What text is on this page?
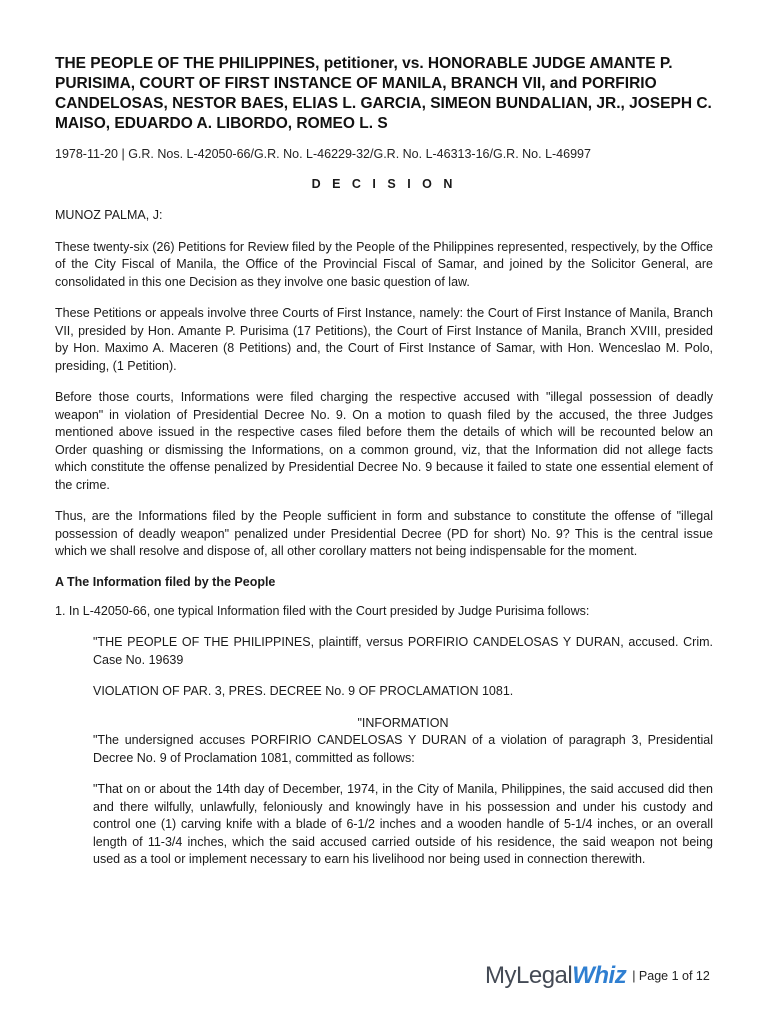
THE PEOPLE OF THE PHILIPPINES, petitioner, vs. HONORABLE JUDGE AMANTE P. PURISIMA, COURT OF FIRST INSTANCE OF MANILA, BRANCH VII, and PORFIRIO CANDELOSAS, NESTOR BAES, ELIAS L. GARCIA, SIMEON BUNDALIAN, JR., JOSEPH C. MAISO, EDUARDO A. LIBORDO, ROMEO L. S
1978-11-20 | G.R. Nos. L-42050-66/G.R. No. L-46229-32/G.R. No. L-46313-16/G.R. No. L-46997
D E C I S I O N
MUNOZ PALMA, J:
These twenty-six (26) Petitions for Review filed by the People of the Philippines represented, respectively, by the Office of the City Fiscal of Manila, the Office of the Provincial Fiscal of Samar, and joined by the Solicitor General, are consolidated in this one Decision as they involve one basic question of law.
These Petitions or appeals involve three Courts of First Instance, namely: the Court of First Instance of Manila, Branch VII, presided by Hon. Amante P. Purisima (17 Petitions), the Court of First Instance of Manila, Branch XVIII, presided by Hon. Maximo A. Maceren (8 Petitions) and, the Court of First Instance of Samar, with Hon. Wenceslao M. Polo, presiding, (1 Petition).
Before those courts, Informations were filed charging the respective accused with "illegal possession of deadly weapon" in violation of Presidential Decree No. 9. On a motion to quash filed by the accused, the three Judges mentioned above issued in the respective cases filed before them the details of which will be recounted below an Order quashing or dismissing the Informations, on a common ground, viz, that the Information did not allege facts which constitute the offense penalized by Presidential Decree No. 9 because it failed to state one essential element of the crime.
Thus, are the Informations filed by the People sufficient in form and substance to constitute the offense of "illegal possession of deadly weapon" penalized under Presidential Decree (PD for short) No. 9? This is the central issue which we shall resolve and dispose of, all other corollary matters not being indispensable for the moment.
A The Information filed by the People
1. In L-42050-66, one typical Information filed with the Court presided by Judge Purisima follows:
"THE PEOPLE OF THE PHILIPPINES, plaintiff, versus PORFIRIO CANDELOSAS Y DURAN, accused. Crim. Case No. 19639
VIOLATION OF PAR. 3, PRES. DECREE No. 9 OF PROCLAMATION 1081.
"INFORMATION
"The undersigned accuses PORFIRIO CANDELOSAS Y DURAN of a violation of paragraph 3, Presidential Decree No. 9 of Proclamation 1081, committed as follows:
"That on or about the 14th day of December, 1974, in the City of Manila, Philippines, the said accused did then and there wilfully, unlawfully, feloniously and knowingly have in his possession and under his custody and control one (1) carving knife with a blade of 6-1/2 inches and a wooden handle of 5-1/4 inches, or an overall length of 11-3/4 inches, which the said accused carried outside of his residence, the said weapon not being used as a tool or implement necessary to earn his livelihood nor being used in connection therewith.
MyLegal Whiz | Page 1 of 12
